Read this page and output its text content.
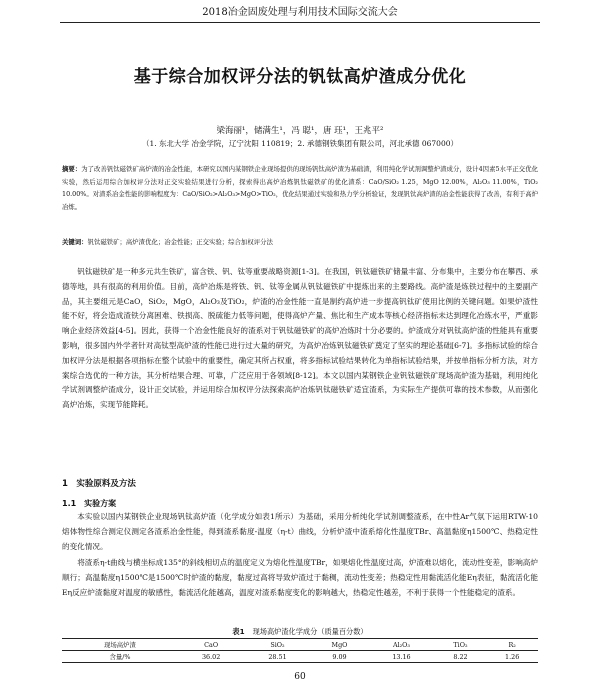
2018冶金固废处理与利用技术国际交流大会
基于综合加权评分法的钒钛高炉渣成分优化
梁海丽¹，储满生¹，冯 聪¹，唐 珏¹，王兆平²
（1. 东北大学 冶金学院，辽宁沈阳 110819；2. 承德钢铁集团有限公司，河北承德 067000）
摘要：为了改善钒钛磁铁矿高炉渣的冶金性能，本研究以国内某钢铁企业现场提供的现场钒钛高炉渣为基础渣，利用纯化学试剂调整炉渣成分，设计4因素5水平正交优化实验，然后运用综合加权评分法对正交实验结果进行分析，探索得出高炉冶炼钒钛磁铁矿的优化渣系：CaO/SiO₂ 1.25，MgO 12.00%，Al₂O₃ 11.00%，TiO₂ 10.00%。对渣系冶金性能的影响程度为：CaO/SiO₂>Al₂O₃>MgO>TiO₂，优化结果通过实验和热力学分析验证，发现钒钛高炉渣的冶金性能获得了改善，有利于高炉冶炼。
关键词：钒钛磁铁矿；高炉渣优化；冶金性能；正交实验；综合加权评分法
钒钛磁铁矿是一种多元共生铁矿，富含铁、钒、钛等重要战略资源[1-3]。在我国，钒钛磁铁矿储量丰富、分布集中，主要分布在攀西、承德等地，具有很高的利用价值。目前，高炉冶炼是将铁、钒、钛等金属从钒钛磁铁矿中提炼出来的主要路线。高炉渣是炼铁过程中的主要副产品，其主要组元是CaO，SiO₂，MgO，Al₂O₃及TiO₂，炉渣的冶金性能一直是制约高炉进一步提高钒钛矿使用比例的关键问题。如果炉渣性能不好，将会造成渣铁分离困难、铁损高、脱硫能力低等问题，使得高炉产量、焦比和生产成本等核心经济指标未达到理化冶炼水平，严重影响企业经济效益[4-5]。因此，获得一个冶金性能良好的渣系对于钒钛磁铁矿的高炉冶炼时十分必要的。炉渣成分对钒钛高炉渣的性能具有重要影响，很多国内外学者针对高钛型高炉渣的性能已进行过大量的研究，为高炉冶炼钒钛磁铁矿奠定了坚实的理论基础[6-7]。多指标试验的综合加权评分法是根据各项指标在整个试验中的重要性，确定其所占权重，将多指标试验结果转化为单指标试验结果，并按单指标分析方法，对方案综合选优的一种方法，其分析结果合理、可靠，广泛应用于各领域[8-12]。本文以国内某钢铁企业钒钛磁铁矿现场高炉渣为基础，利用纯化学试剂调整炉渣成分，设计正交试验，并运用综合加权评分法探索高炉冶炼钒钛磁铁矿适宜渣系，为实际生产提供可靠的技术参数，从而强化高炉冶炼，实现节能降耗。
1　实验原料及方法
1.1　实验方案
本实验以国内某钢铁企业现场钒钛高炉渣（化学成分如表1所示）为基础，采用分析纯化学试剂调整渣系，在中性Ar气氛下运用RTW-10熔体物性综合测定仪测定各渣系冶金性能，得到渣系黏度-温度（η-t）曲线，分析炉渣中渣系熔化性温度TBr、高温黏度η1500℃、热稳定性的变化情况。
将渣系η-t曲线与横坐标成135°的斜线相切点的温度定义为熔化性温度TBr，如果熔化性温度过高，炉渣难以熔化，流动性变差，影响高炉顺行；高温黏度η1500℃是1500℃时炉渣的黏度，黏度过高将导致炉渣过于黏稠，流动性变差；热稳定性用黏流活化能Eη表征，黏流活化能Eη反应炉渣黏度对温度的敏感性，黏流活化能越高，温度对渣系黏度变化的影响越大，热稳定性越差，不利于获得一个性能稳定的渣系。
表1 现场高炉渣化学成分（质量百分数）
现场高炉渣	CaO	SiO₂	MgO	Al₂O₃	TiO₂	R₂
含量/%	36.02	28.51	9.09	13.16	8.22	1.26
60
